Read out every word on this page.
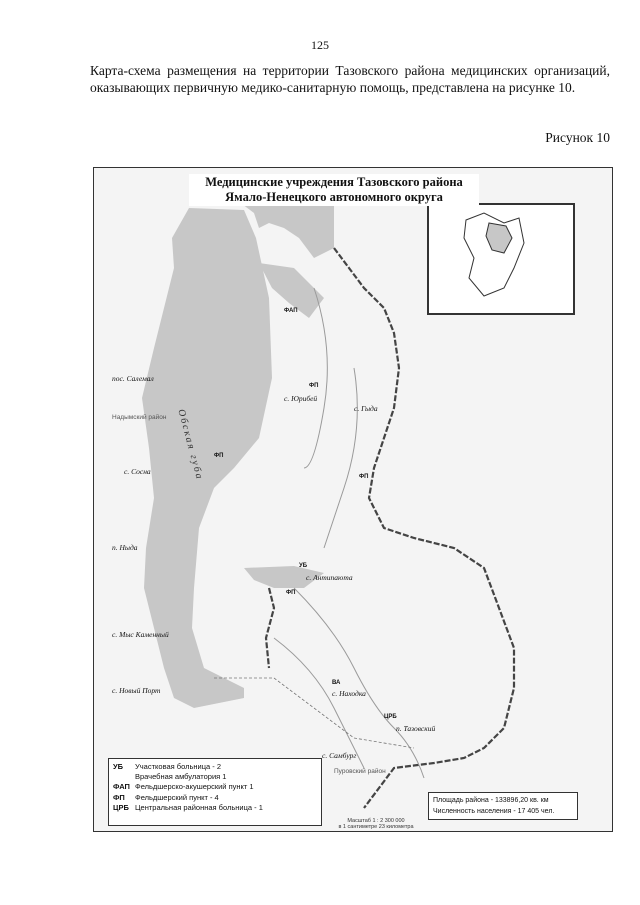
125
Карта-схема размещения на территории Тазовского района медицинских организаций, оказывающих первичную медико-санитарную помощь, представлена на рисунке 10.
Рисунок 10
Медицинские учреждения Тазовского района
Ямало-Ненецкого автономного округа
Обская губа
пос. Салемал
Надымский район
с. Сосна
п. Ныда
с. Мыс Каменный
с. Новый Порт
с. Антипаюта
с. Гыда
с. Находка
п. Тазовский
с. Самбург
Пуровский район
с. Юрибей
ФАП
ФП
УБ
ВА
ЦРБ
ФП
ФП
ФП
УБ	Участковая больница - 2
Врачебная амбулатория 1
ФАП Фельдшерско-акушерский пункт 1
ФП	Фельдшерский пункт - 4
ЦРБ Центральная районная больница - 1
Площадь района - 133896,20 кв. км
Численность населения - 17 405 чел.
Масштаб 1 : 2 300 000
в 1 сантиметре 23 километра
